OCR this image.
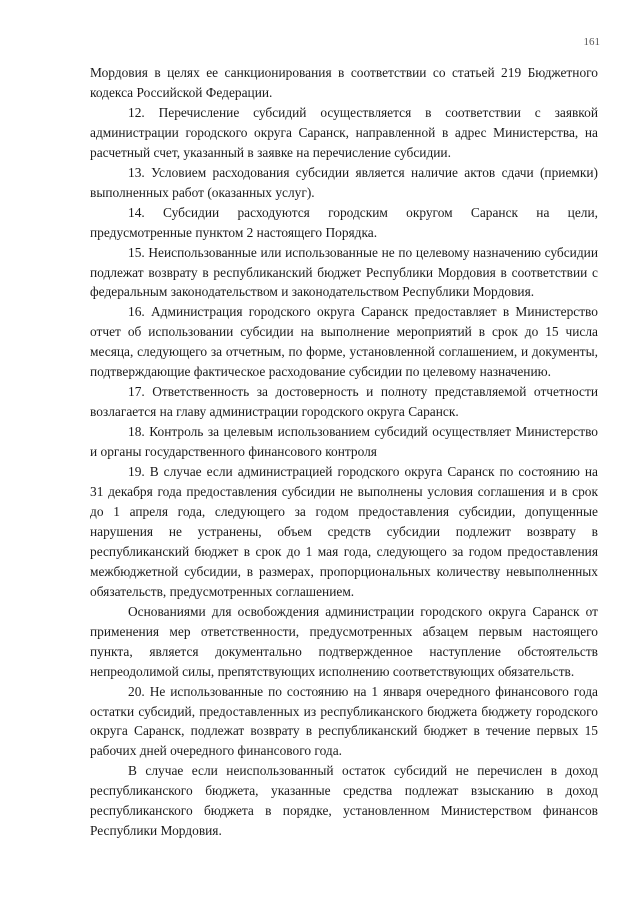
161

Мордовия в целях ее санкционирования в соответствии со статьей 219 Бюджетного кодекса Российской Федерации.

12. Перечисление субсидий осуществляется в соответствии с заявкой администрации городского округа Саранск, направленной в адрес Министерства, на расчетный счет, указанный в заявке на перечисление субсидии.

13. Условием расходования субсидии является наличие актов сдачи (приемки) выполненных работ (оказанных услуг).

14. Субсидии расходуются городским округом Саранск на цели, предусмотренные пунктом 2 настоящего Порядка.

15. Неиспользованные или использованные не по целевому назначению субсидии подлежат возврату в республиканский бюджет Республики Мордовия в соответствии с федеральным законодательством и законодательством Республики Мордовия.

16. Администрация городского округа Саранск предоставляет в Министерство отчет об использовании субсидии на выполнение мероприятий в срок до 15 числа месяца, следующего за отчетным, по форме, установленной соглашением, и документы, подтверждающие фактическое расходование субсидии по целевому назначению.

17. Ответственность за достоверность и полноту представляемой отчетности возлагается на главу администрации городского округа Саранск.

18. Контроль за целевым использованием субсидий осуществляет Министерство и органы государственного финансового контроля

19. В случае если администрацией городского округа Саранск по состоянию на 31 декабря года предоставления субсидии не выполнены условия соглашения и в срок до 1 апреля года, следующего за годом предоставления субсидии, допущенные нарушения не устранены, объем средств субсидии подлежит возврату в республиканский бюджет в срок до 1 мая года, следующего за годом предоставления межбюджетной субсидии, в размерах, пропорциональных количеству невыполненных обязательств, предусмотренных соглашением.

Основаниями для освобождения администрации городского округа Саранск от применения мер ответственности, предусмотренных абзацем первым настоящего пункта, является документально подтвержденное наступление обстоятельств непреодолимой силы, препятствующих исполнению соответствующих обязательств.

20. Не использованные по состоянию на 1 января очередного финансового года остатки субсидий, предоставленных из республиканского бюджета бюджету городского округа Саранск, подлежат возврату в республиканский бюджет в течение первых 15 рабочих дней очередного финансового года.

В случае если неиспользованный остаток субсидий не перечислен в доход республиканского бюджета, указанные средства подлежат взысканию в доход республиканского бюджета в порядке, установленном Министерством финансов Республики Мордовия.
